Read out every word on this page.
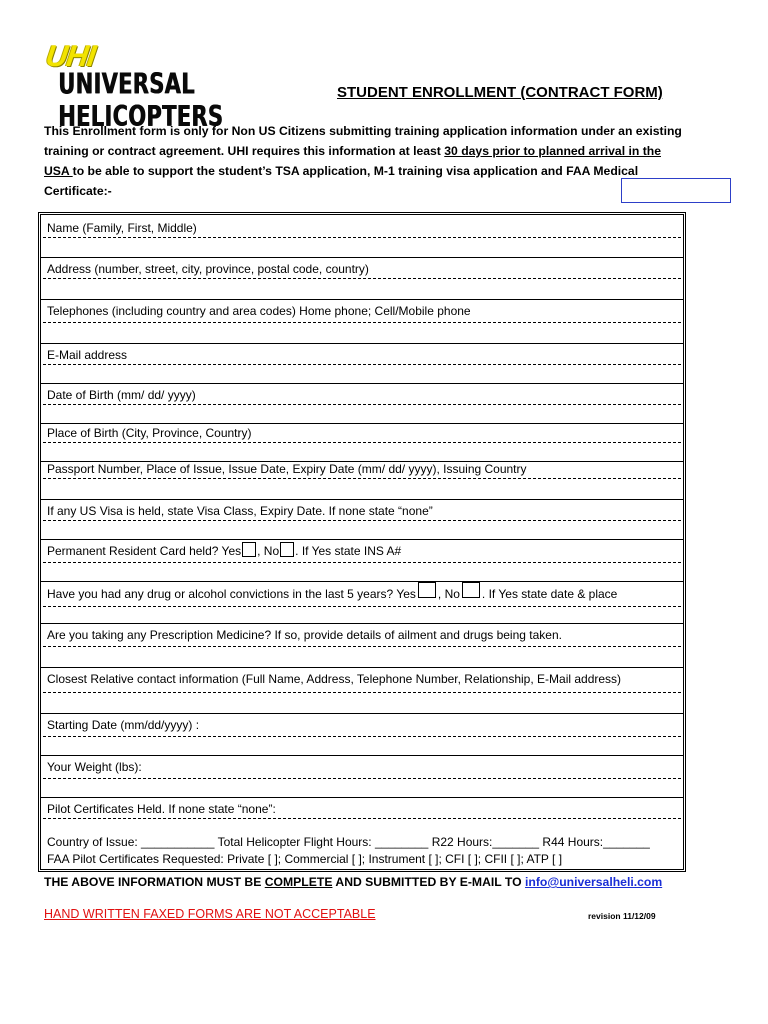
UHI
UNIVERSAL HELICOPTERS
STUDENT ENROLLMENT (CONTRACT FORM)
This Enrollment form is only for Non US Citizens submitting training application information under an existing training or contract agreement. UHI requires this information at least 30 days prior to planned arrival in the USA to be able to support the student’s TSA application, M-1 training visa application and FAA Medical Certificate:-
Name (Family, First, Middle)
Address (number, street, city, province, postal code, country)
Telephones (including country and area codes) Home phone; Cell/Mobile phone
E-Mail address
Date of Birth (mm/ dd/ yyyy)
Place of Birth (City, Province, Country)
Passport Number, Place of Issue, Issue Date, Expiry Date (mm/ dd/ yyyy), Issuing Country
If any US Visa is held, state Visa Class, Expiry Date. If none state “none”
Permanent Resident Card held? Yes , No . If Yes state INS A#
Have you had any drug or alcohol convictions in the last 5 years? Yes , No . If Yes state date & place
Are you taking any Prescription Medicine? If so, provide details of ailment and drugs being taken.
Closest Relative contact information (Full Name, Address, Telephone Number, Relationship, E-Mail address)
Starting Date (mm/dd/yyyy) :
Your Weight (lbs):
Pilot Certificates Held. If none state “none”:
Country of Issue: ___________ Total Helicopter Flight Hours: ________ R22 Hours:_______ R44 Hours:_______
FAA Pilot Certificates Requested: Private [ ]; Commercial [ ]; Instrument [ ]; CFI [ ]; CFII [ ]; ATP [ ]
THE ABOVE INFORMATION MUST BE COMPLETE AND SUBMITTED BY E-MAIL TO info@universalheli.com
HAND WRITTEN FAXED FORMS ARE NOT ACCEPTABLE	revision 11/12/09
